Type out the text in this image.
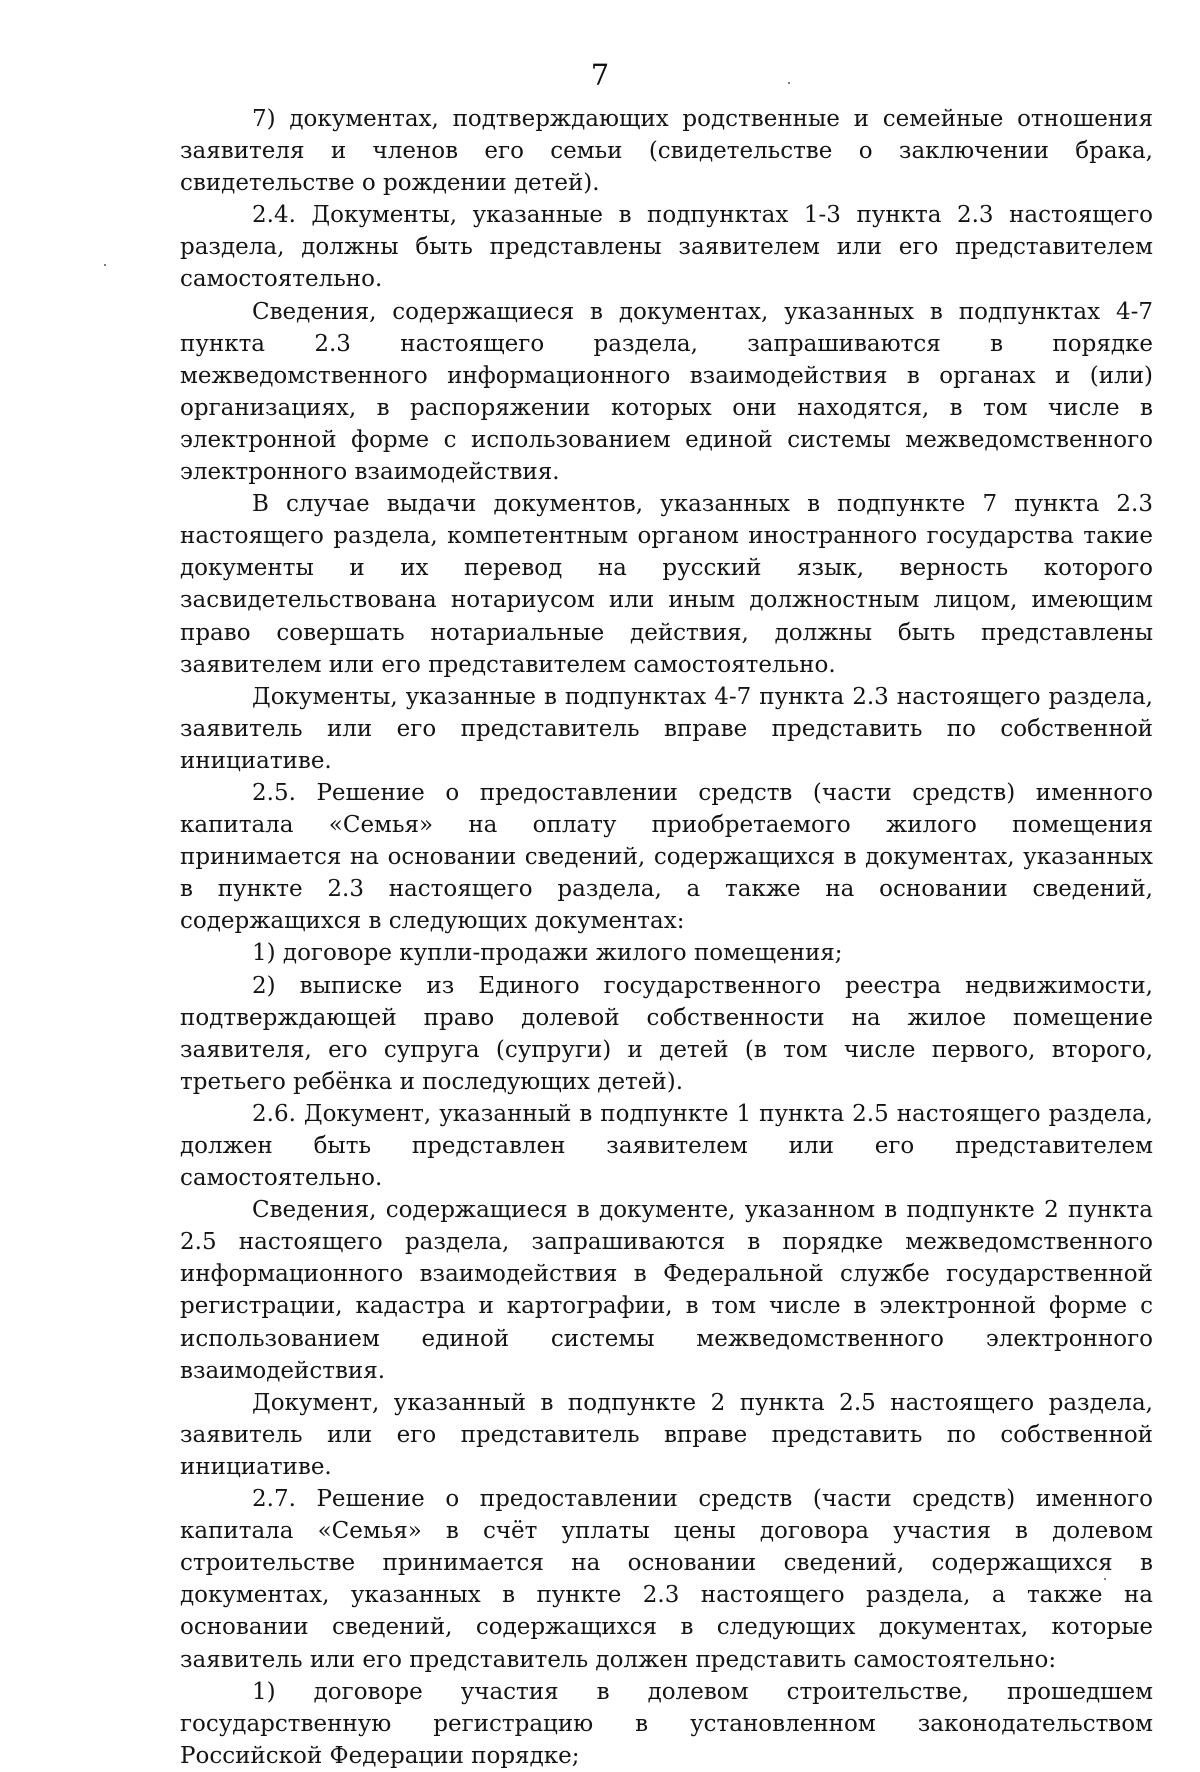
7

7) документах, подтверждающих родственные и семейные отношения заявителя и членов его семьи (свидетельстве о заключении брака, свидетельстве о рождении детей).

2.4. Документы, указанные в подпунктах 1-3 пункта 2.3 настоящего раздела, должны быть представлены заявителем или его представителем самостоятельно.

Сведения, содержащиеся в документах, указанных в подпунктах 4-7 пункта 2.3 настоящего раздела, запрашиваются в порядке межведомственного информационного взаимодействия в органах и (или) организациях, в распоряжении которых они находятся, в том числе в электронной форме с использованием единой системы межведомственного электронного взаимодействия.

В случае выдачи документов, указанных в подпункте 7 пункта 2.3 настоящего раздела, компетентным органом иностранного государства такие документы и их перевод на русский язык, верность которого засвидетельствована нотариусом или иным должностным лицом, имеющим право совершать нотариальные действия, должны быть представлены заявителем или его представителем самостоятельно.

Документы, указанные в подпунктах 4-7 пункта 2.3 настоящего раздела, заявитель или его представитель вправе представить по собственной инициативе.

2.5. Решение о предоставлении средств (части средств) именного капитала «Семья» на оплату приобретаемого жилого помещения принимается на основании сведений, содержащихся в документах, указанных в пункте 2.3 настоящего раздела, а также на основании сведений, содержащихся в следующих документах:

1) договоре купли-продажи жилого помещения;

2) выписке из Единого государственного реестра недвижимости, подтверждающей право долевой собственности на жилое помещение заявителя, его супруга (супруги) и детей (в том числе первого, второго, третьего ребёнка и последующих детей).

2.6. Документ, указанный в подпункте 1 пункта 2.5 настоящего раздела, должен быть представлен заявителем или его представителем самостоятельно.

Сведения, содержащиеся в документе, указанном в подпункте 2 пункта 2.5 настоящего раздела, запрашиваются в порядке межведомственного информационного взаимодействия в Федеральной службе государственной регистрации, кадастра и картографии, в том числе в электронной форме с использованием единой системы межведомственного электронного взаимодействия.

Документ, указанный в подпункте 2 пункта 2.5 настоящего раздела, заявитель или его представитель вправе представить по собственной инициативе.

2.7. Решение о предоставлении средств (части средств) именного капитала «Семья» в счёт уплаты цены договора участия в долевом строительстве принимается на основании сведений, содержащихся в документах, указанных в пункте 2.3 настоящего раздела, а также на основании сведений, содержащихся в следующих документах, которые заявитель или его представитель должен представить самостоятельно:

1) договоре участия в долевом строительстве, прошедшем государственную регистрацию в установленном законодательством Российской Федерации порядке;
